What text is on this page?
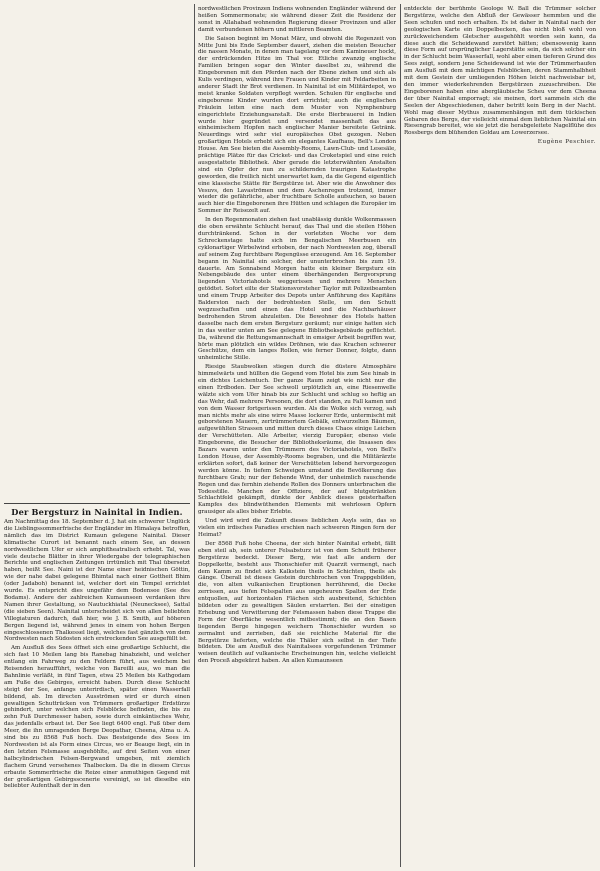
Der Bergsturz in Nainital in Indien.

Am Nachmittag des 18. September d. J. hat ein schwerer Unglück die Lieblingssommerfrische der Engländer im Himalaya betroffen, nämlich das im District Kumaun gelegene Nainital. Dieser klimatische Curort ist benannt nach einem See, an dessen nordwestlichem Ufer er sich amphitheatralisch erhebt. Tal, was viele deutsche Blätter in ihrer Wiedergabe der telegraphischen Berichte und englischen Zeitungen irrtümlich mit Thal übersetzt haben, heißt See. Naini ist der Name einer heidnischen Göttin, wie der nahe dabei gelegene Bhimtal nach einer Gottheit Bhim (oder Jadaboh) benannt ist, welcher dort ein Tempel errichtet wurde. Es entspricht dies ungefähr dem Bodensee (See des Bodams). Andere der zahlreichen Kumaunseen verdanken ihre Namen ihrer Gestaltung, so Nautuckhiatal (Neunecksee), Sattal (die sieben Seen). Nainital unterscheidet sich von allen beliebten Villegiaturen dadurch, daß hier, wie J. B. Smith, auf höheren Bergen liegend ist, während jenes in einem von hohen Bergen eingeschlossenen Thalkessel liegt, welches fast gänzlich von dem Nordwesten nach Südosten sich erstreckenden See ausgefüllt ist.

Am Ausfluß des Sees öffnet sich eine großartige Schlucht, die sich fast 10 Meilen lang bis Ranebag hinabzieht, und welcher entlang ein Fahrweg zu den Feldern führt, aus welchem bei Reisenden heraufführt, welche von Bareilli aus, wo man die Bahnlinie verläßt, in fünf Tagen, etwa 25 Meilen bis Kathgodam am Fuße des Gebirges, erreicht haben. Durch diese Schlucht steigt der See, anfangs unterirdisch, später einen Wasserfall bildend, ab. Im directen Ausströmen wird er durch einen gewaltigen Schuttrücken von Trümmern großartiger Erdstürze gehindert, unter welchen sich Felsblöcke befinden, die bis zu zehn Fuß Durchmesser haben, sowie durch einkäntisches Wehr, das jedenfalls erbaut ist. Der See liegt 6400 engl. Fuß über dem Meer, die ihn umragenden Berge Deopathar, Cheena, Alma u. A. sind bis zu 8568 Fuß hoch. Das Besteigende des Sees im Nordwesten ist als Form eines Circus, wo er Beauge liegt, ein in den letzten Felsmasse ausgehöhlte, auf drei Seiten von einer halbcylindrischen Felsen-Bergwand umgeben, mit ziemlich flachem Grund versehenes Thalbecken. Da die in diesem Circus erbaute Sommerfrische die Reize einer anmuthigen Gegend mit der großartigen Gebirgsscenerie vereinigt, so ist dieselbe ein beliebter Aufenthalt der in den

nordwestlichen Provinzen Indiens wohnenden Engländer während der heißen Sommermonate; sie während dieser Zeit die Residenz der sonst in Allahabad wohnenden Regierung dieser Provinzen und aller damit verbundenen höhern und mittleren Beamten.

Die Saison beginnt im Monat März, und obwohl die Regenzeit von Mitte Juni bis Ende September dauert, ziehen die meisten Besucher die nassen Monate, in denen man tagelang vor dem Kamineuer hockt, der erdrückenden Hitze im Thal vor. Etliche zwanzig englische Familien bringen sogar den Winter daselbst zu, während die Eingeborenen mit den Pferden nach der Ebene ziehen und sich als Kulis verdingen, während ihre Frauen und Kinder mit Feldarbeiten in anderer Stadt ihr Brot verdienen. In Nainital ist ein Militärdepot, wo meist kranke Soldaten verpflegt werden. Schulen für englische und eingeborene Kinder wurden dort errichtet; auch die englischen Fräulein leiten eine nach dem Muster von Nymphenburg eingerichtete Erziehungsanstalt. Die erste Bierbrauerei in Indien wurde hier gegründet und versendet massenhaft das aus einheimischem Hopfen nach englischer Manier bereitete Getränk. Neuerdings wird sehr viel europäisches Obst gezogen. Neben großartigen Hotels erhebt sich ein elegantes Kaufhaus, Bell's London House. Am See bieten die Assembly-Rooms, Lawn-Club- und Lesesäle, prächtige Plätze für das Cricket- und das Croketspiel und eine reich ausgestattete Bibliothek. Aber gerade die letzterwähnten Anstalten sind ein Opfer der nun zu schildernden traurigen Katastrophe geworden, die freilich nicht unerwartet kam, da die Gegend eigentlich eine klassische Stätte für Bergstürze ist. Aber wie die Anwohner des Vesuvs, den Lavaströmen und dem Aschenregen trotzend, immer wieder die gefährliche, aber fruchtbare Scholle aufsuchen, so bauen auch hier die Eingeborenen ihre Hütten und schlagen die Europäer im Sommer ihr Reisezelt auf.

In den Regenmonaten ziehen fast unablässig dunkle Wolkenmassen die oben erwähnte Schlucht herauf, das Thal und die steilen Höhen durchtränkend. Schon in der vorletzten Woche vor dem Schreckenstage hatte sich im Bengalischen Meerbusen ein cyklonartiger Wirbelwind erhoben, der nach Nordwesten zog, überall auf seinem Zug furchtbare Regengüsse erzeugend. Am 16. September begann in Nainital ein solcher, der ununterbrochen bis zum 19. dauerte. Am Sonnabend Morgen hatte ein kleiner Bergsturz ein Nebengebäude des unter einem überhängenden Bergvorsprung liegenden Victoriahotels weggerissen und mehrere Menschen getödtet. Sofort eilte der Stationsvorsteher Taylor mit Polizeibeamten und einem Trupp Arbeiter des Depots unter Anführung des Kapitäns Balderston nach der bedrohtesten Stelle, um den Schutt wegzuschaffen und einen das Hotel und die Nachbarhäuser bedrohenden Strom abzuleiten. Die Bewohner des Hotels hatten dasselbe nach dem ersten Bergsturz geräumt; nur einige hatten sich in das weiter unten am See gelegene Bibliotheksgebäude geflüchtet. Da, während die Rettungsmannschaft in emsiger Arbeit begriffen war, hörte man plötzlich ein wildes Dröhnen, wie das Krachen schwerer Geschütze, dem ein langes Rollen, wie ferner Donner, folgte, dann unheimliche Stille.

Riesige Staubwolken stiegen durch die düstere Atmosphäre himmelwärts und hüllten die Gegend vom Hotel bis zum See hinab in ein dichtes Leichentuch. Der ganze Raum zeigt wie nicht nur die einen Erdboden. Der See schwoll urplötzlich an, eine Riesenwelle wälzte sich vom Ufer hinab bis zur Schlucht und schlug so heftig an das Wehr, daß mehrere Personen, die dort standen, zu Fall kamen und von dem Wasser fortgerissen wurden. Als die Wolke sich verzog, sah man nichts mehr als eine wirre Masse lockerer Erde, untermischt mit geborstenen Mauern, zertrümmertem Gebälk, entwurzelten Bäumen, aufgewühlten Strassen und mitten durch dieses Chaos einige Leichen der Verschütteten. Alle Arbeiter, vierzig Europäer, ebenso viele Eingeborene, die Besucher der Bibliotheksräume, die Insassen des Bazars waren unter den Trümmern des Victoriahotels, von Bell's London House, der Assembly-Rooms begraben, und die Militärärzte erklärten sofort, daß keiner der Verschütteten lebend hervorgezogen werden könne. In tiefem Schweigen umstand die Bevölkerung das furchtbare Grab; nur der flehende Wind, der unheimlich rauschende Regen und das fernhin ziehende Rollen des Donners unterbrachen die Todesstille. Manchen der Offiziere, der auf blutgetränkten Schlachtfeld gekämpft, dünkte der Anblick dieses geisterhaften Kampfes des blindwüthenden Elements mit wehrlosen Opfern grausiger als alles bisher Erlebte.

Und wird wird die Zukunft dieses lieblichen Asyls sein, das so vielen ein irdisches Paradies erschien nach schweren Ringen fern der Heimat?

Der 8568 Fuß hohe Cheena, der sich hinter Nainital erhebt, fällt eben steil ab, sein unterer Felsabsturz ist von dem Schutt früherer Bergstürze bedeckt. Dieser Berg, wie fast alle andern der Doppelkette, besteht aus Thonschiefer mit Quarzit vermengt, nach dem Kamm zu findet sich Kalkstein theils in Schichten, theils als Gänge. Überall ist dieses Gestein durchbrochen von Trappgebilden, die, von alten vulkanischen Eruptionen herrührend, die Decke zerrissen, aus tiefen Felsspalten aus ungeheuren Spalten der Erde entquollen, auf horizontalen Flächen sich ausbreitend, Schichten bildeten oder zu gewaltigen Säulen erstarrten. Bei der einstigen Erhebung und Verwitterung der Felsmassen haben diese Trappe die Form der Oberfläche wesentlich mitbestimmt; die an den Basen liegenden Berge hingegen weichern Thonschiefer wurden so zermalmt und zerrieben, daß sie reichliche Material für die Bergstürze lieferten, welche die Thäler sich selbst in der Tiefe bildeten. Die am Ausfluß des Nainitalsees vorgefundenen Trümmer weisen deutlich auf vulkanische Erscheinungen hin, welche vielleicht den Proceß abgekürzt haben. An allen Kumaunseen

entdeckte der berühmte Geologe W. Ball die Trümmer solcher Bergstürze, welche den Abfluß der Gewässer hemmten und die Seen schufen und noch erhalten. Es ist daher in Nainital nach der geologischen Karte ein Doppelbecken, das nicht bloß wohl von zurückweichendem Gletscher ausgehöhlt worden sein kann, da diese auch die Scheidewand zerstört hätten; ebensowenig kann diese Form auf ursprünglicher Lagerstätte sein, da sich solcher ein in der Schlucht beim Wasserfall, wohl aber einen tieferen Grund des Sees zeigt, sondern jene Scheidewand ist wie der Trümmerhaufen am Ausfluß mit dem mächtigen Felsblöcken, deren Stammhalbheit mit dem Gestein der umliegenden Höhen leicht nachweisbar ist, den immer wiederkehrenden Bergstürzen zuzuschreiben. Die Eingeborenen haben eine abergläubische Scheu vor dem Cheena der über Nainital emporragt; sie meinen, dort sammeln sich die Seelen der Abgeschiedenen, daher betritt kein Berg in der Nacht. Wohl mag dieser Mythus zusammenhängen mit dem tückischen Gebaren des Bergs, der vielleicht einmal dem lieblichen Nainital ein Riesengrab bereitet, wie sie jetzt die herabgeleitete Nagelflühe des Rossbergs dem blühenden Goldau am Lowerzersee.

Eugène Peschier.
